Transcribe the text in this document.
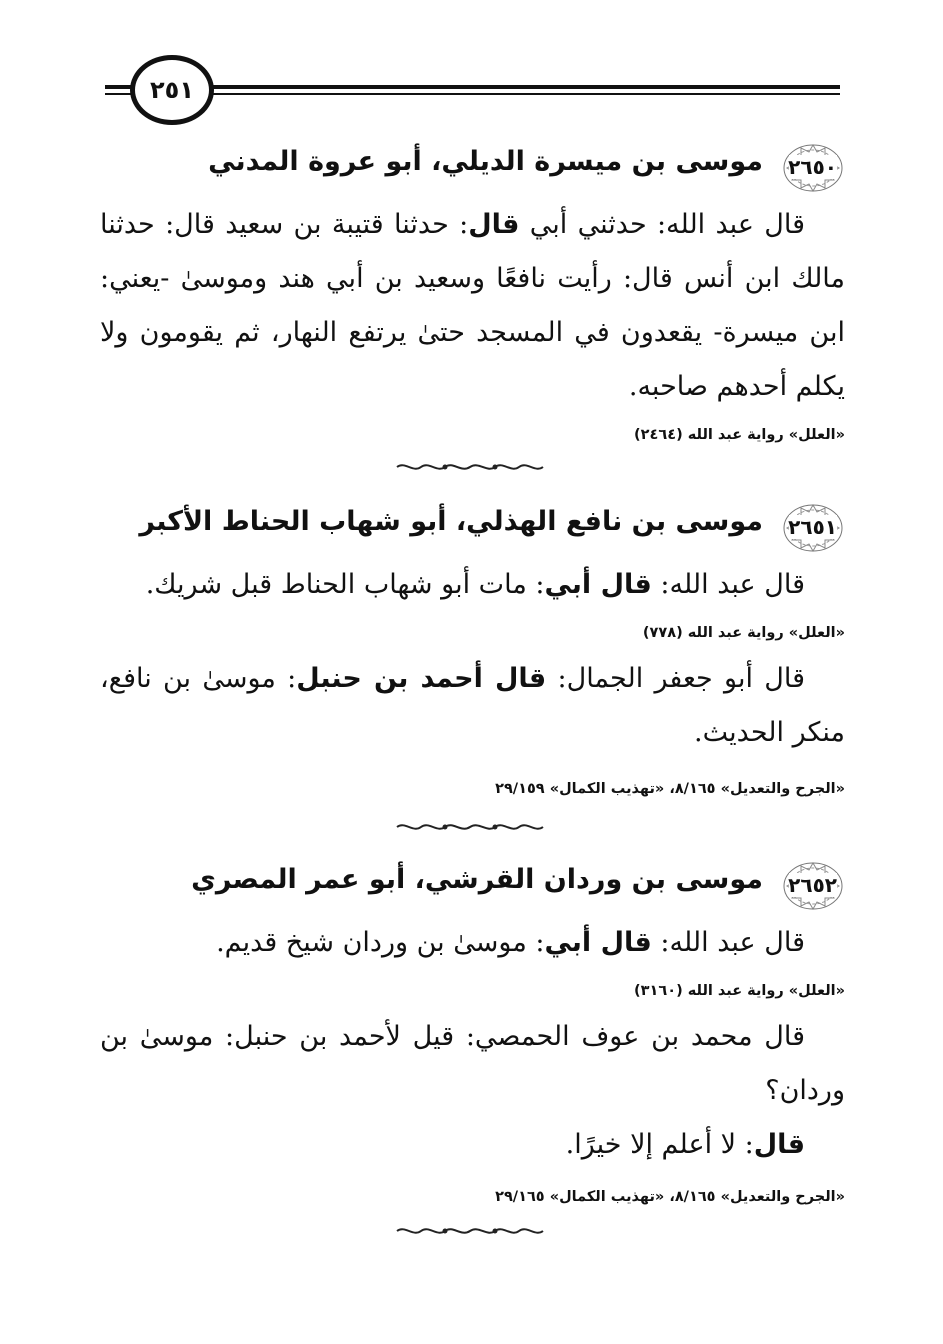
٢٥١
٢٦٥٠
موسى بن ميسرة الديلي، أبو عروة المدني

قال عبد الله: حدثني أبي قال: حدثنا قتيبة بن سعيد قال: حدثنا مالك ابن أنس قال: رأيت نافعًا وسعيد بن أبي هند وموسىٰ -يعني: ابن ميسرة- يقعدون في المسجد حتىٰ يرتفع النهار، ثم يقومون ولا يكلم أحدهم صاحبه.

«العلل» رواية عبد الله (٢٤٦٤)
٢٦٥١
موسى بن نافع الهذلي، أبو شهاب الحناط الأكبر

قال عبد الله: قال أبي: مات أبو شهاب الحناط قبل شريك.

«العلل» رواية عبد الله (٧٧٨)

قال أبو جعفر الجمال: قال أحمد بن حنبل: موسىٰ بن نافع، منكر الحديث.

«الجرح والتعديل» ٨/١٦٥، «تهذيب الكمال» ٢٩/١٥٩
٢٦٥٢
موسى بن وردان القرشي، أبو عمر المصري

قال عبد الله: قال أبي: موسىٰ بن وردان شيخ قديم.

«العلل» رواية عبد الله (٣١٦٠)

قال محمد بن عوف الحمصي: قيل لأحمد بن حنبل: موسىٰ بن وردان؟

قال: لا أعلم إلا خيرًا.

«الجرح والتعديل» ٨/١٦٥، «تهذيب الكمال» ٢٩/١٦٥
